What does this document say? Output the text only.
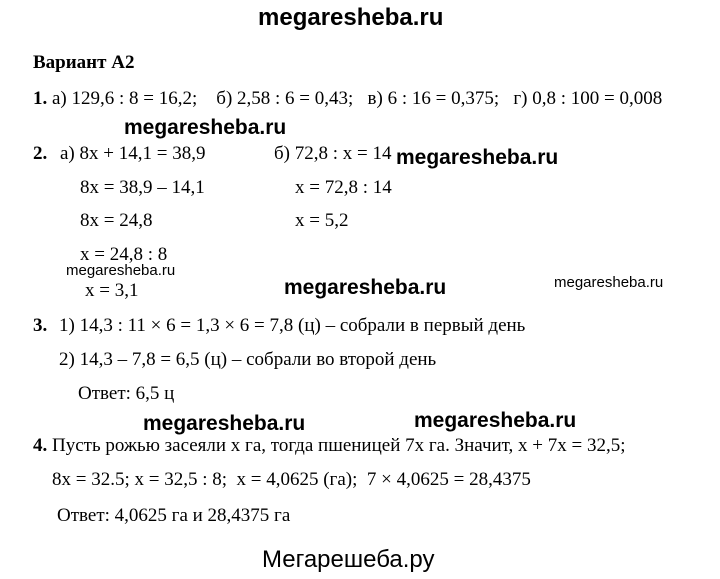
megaresheba.ru
Мегарешеба.ру
Вариант А2
1. а) 129,6 : 8 = 16,2;    б) 2,58 : 6 = 0,43;   в) 6 : 16 = 0,375;   г) 0,8 : 100 = 0,008
2. а) 8х + 14,1 = 38,9
8х = 38,9 – 14,1
8х = 24,8
х = 24,8 : 8
х = 3,1
б) 72,8 : х = 14
х = 72,8 : 14
х = 5,2
3. 1) 14,3 : 11 × 6 = 1,3 × 6 = 7,8 (ц) – собрали в первый день
2) 14,3 – 7,8 = 6,5 (ц) – собрали во второй день
Ответ: 6,5 ц
4. Пусть рожью засеяли х га, тогда пшеницей 7х га. Значит, х + 7х = 32,5;
8х = 32.5; х = 32,5 : 8;  х = 4,0625 (га);  7 × 4,0625 = 28,4375
Ответ: 4,0625 га и 28,4375 га
megaresheba.ru
megaresheba.ru
megaresheba.ru
megaresheba.ru	megaresheba.ru
megaresheba.ru	megaresheba.ru
